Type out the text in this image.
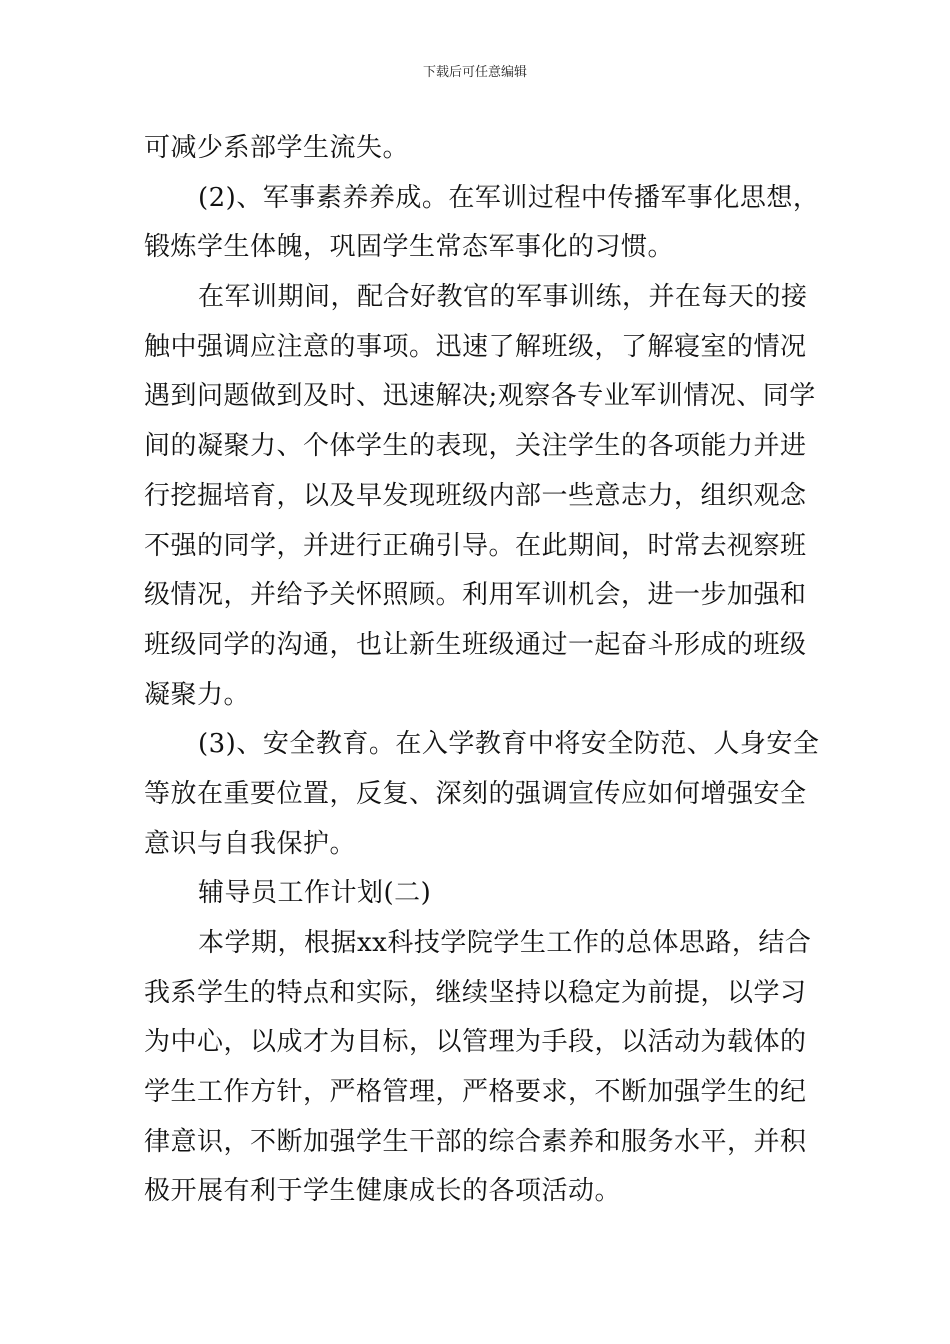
下载后可任意编辑
可减少系部学生流失。
(2)、军事素养养成。在军训过程中传播军事化思想，
锻炼学生体魄，巩固学生常态军事化的习惯。
在军训期间，配合好教官的军事训练，并在每天的接
触中强调应注意的事项。迅速了解班级，了解寝室的情况
遇到问题做到及时、迅速解决;观察各专业军训情况、同学
间的凝聚力、个体学生的表现，关注学生的各项能力并进
行挖掘培育，以及早发现班级内部一些意志力，组织观念
不强的同学，并进行正确引导。在此期间，时常去视察班
级情况，并给予关怀照顾。利用军训机会，进一步加强和
班级同学的沟通，也让新生班级通过一起奋斗形成的班级
凝聚力。
(3)、安全教育。在入学教育中将安全防范、人身安全
等放在重要位置，反复、深刻的强调宣传应如何增强安全
意识与自我保护。
辅导员工作计划(二)
本学期，根据xx科技学院学生工作的总体思路，结合
我系学生的特点和实际，继续坚持以稳定为前提，以学习
为中心，以成才为目标，以管理为手段，以活动为载体的
学生工作方针，严格管理，严格要求，不断加强学生的纪
律意识，不断加强学生干部的综合素养和服务水平，并积
极开展有利于学生健康成长的各项活动。
